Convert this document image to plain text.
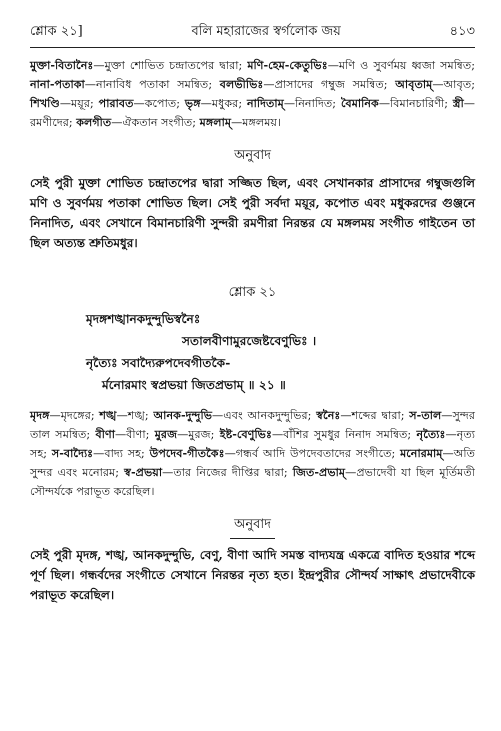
শ্লোক ২১]	বলি মহারাজের স্বর্গলোক জয়	৪১৩

মুক্তা-বিতানৈঃ—মুক্তা শোভিত চন্দ্রাতপের দ্বারা; মণি-হেম-কেতুভিঃ—মণি ও সুবর্ণময় ধ্বজা সমন্বিত; নানা-পতাকা—নানাবিধ পতাকা সমন্বিত; বলভীভিঃ—প্রাসাদের গম্বুজ সমন্বিত; আবৃতাম্—আবৃত; শিখণ্ডি—ময়ূর; পারাবত—কপোত; ভৃঙ্গ—মধুকর; নাদিতাম্—নিনাদিত; বৈমানিক—বিমানচারিণী; স্ত্রী—রমণীদের; কলগীত—ঐকতান সংগীত; মঙ্গলাম্—মঙ্গলময়।

অনুবাদ

সেই পুরী মুক্তা শোভিত চন্দ্রাতপের দ্বারা সজ্জিত ছিল, এবং সেখানকার প্রাসাদের গম্বুজগুলি মণি ও সুবর্ণময় পতাকা শোভিত ছিল। সেই পুরী সর্বদা ময়ূর, কপোত এবং মধুকরদের গুঞ্জনে নিনাদিত, এবং সেখানে বিমানচারিণী সুন্দরী রমণীরা নিরন্তর যে মঙ্গলময় সংগীত গাইতেন তা ছিল অত্যন্ত শ্রুতিমধুর।

শ্লোক ২১
মৃদঙ্গশঙ্খানকদুন্দুভিস্বনৈঃ
সতালবীণামুরজেষ্টবেণুভিঃ ।
নৃত্যৈঃ সবাদ্যৈরুপদেবগীতকৈ-
র্মনোরমাং স্বপ্রভয়া জিতপ্রভাম্ ॥ ২১ ॥

মৃদঙ্গ—মৃদঙ্গের; শঙ্খ—শঙ্খ; আনক-দুন্দুভি—এবং আনকদুন্দুভির; স্বনৈঃ—শব্দের দ্বারা; স-তাল—সুন্দর তাল সমন্বিত; বীণা—বীণা; মুরজ—মুরজ; ইষ্ট-বেণুভিঃ—বাঁশির সুমধুর নিনাদ সমন্বিত; নৃত্যৈঃ—নৃত্য সহ; স-বাদ্যৈঃ—বাদ্য সহ; উপদেব-গীতকৈঃ—গন্ধর্ব আদি উপদেবতাদের সংগীতে; মনোরমাম্—অতি সুন্দর এবং মনোরম; স্ব-প্রভয়া—তার নিজের দীপ্তির দ্বারা; জিত-প্রভাম্—প্রভাদেবী যা ছিল মূর্তিমতী সৌন্দর্যকে পরাভূত করেছিল।

অনুবাদ

সেই পুরী মৃদঙ্গ, শঙ্খ, আনকদুন্দুভি, বেণু, বীণা আদি সমস্ত বাদ্যযন্ত্র একত্রে বাদিত হওয়ার শব্দে পূর্ণ ছিল। গন্ধর্বদের সংগীতে সেখানে নিরন্তর নৃত্য হত। ইন্দ্রপুরীর সৌন্দর্য সাক্ষাৎ প্রভাদেবীকে পরাভূত করেছিল।
